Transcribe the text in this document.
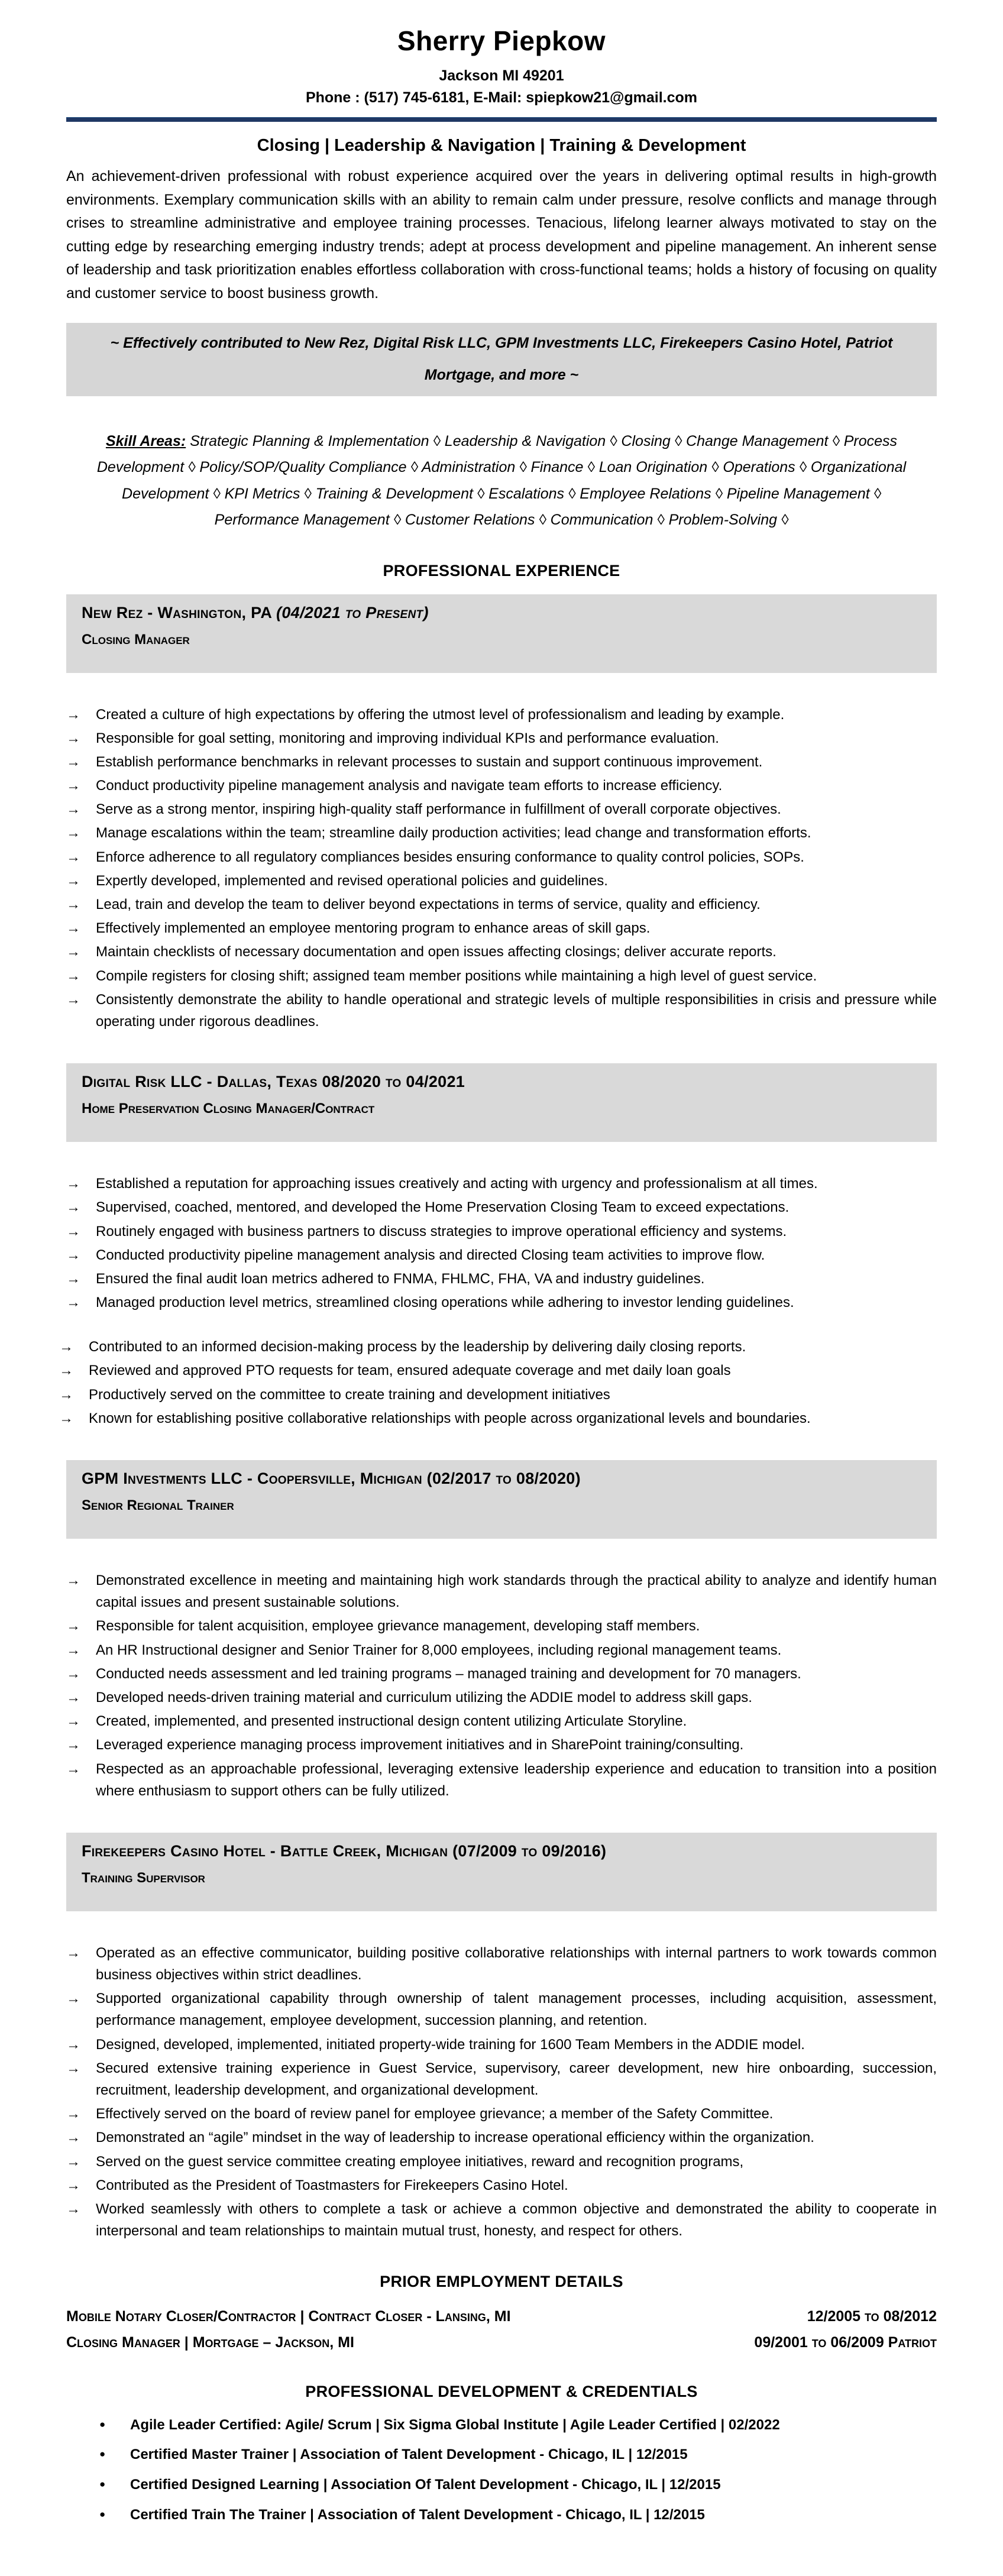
Sherry Piepkow
Jackson MI 49201
Phone : (517) 745-6181, E-Mail: spiepkow21@gmail.com
Closing | Leadership & Navigation | Training & Development

An achievement-driven professional with robust experience acquired over the years in delivering optimal results in high-growth environments. Exemplary communication skills with an ability to remain calm under pressure, resolve conflicts and manage through crises to streamline administrative and employee training processes. Tenacious, lifelong learner always motivated to stay on the cutting edge by researching emerging industry trends; adept at process development and pipeline management. An inherent sense of leadership and task prioritization enables effortless collaboration with cross-functional teams; holds a history of focusing on quality and customer service to boost business growth.

~ Effectively contributed to New Rez, Digital Risk LLC, GPM Investments LLC, Firekeepers Casino Hotel, Patriot Mortgage, and more ~

Skill Areas: Strategic Planning & Implementation ◊ Leadership & Navigation ◊ Closing ◊ Change Management ◊ Process Development ◊ Policy/SOP/Quality Compliance ◊ Administration ◊ Finance ◊ Loan Origination ◊ Operations ◊ Organizational Development ◊ KPI Metrics ◊ Training & Development ◊ Escalations ◊ Employee Relations ◊ Pipeline Management ◊ Performance Management ◊ Customer Relations ◊ Communication ◊ Problem-Solving ◊

PROFESSIONAL EXPERIENCE
New Rez - Washington, PA (04/2021 to Present)
Closing Manager
→	Created a culture of high expectations by offering the utmost level of professionalism and leading by example.
→	Responsible for goal setting, monitoring and improving individual KPIs and performance evaluation.
→	Establish performance benchmarks in relevant processes to sustain and support continuous improvement.
→	Conduct productivity pipeline management analysis and navigate team efforts to increase efficiency.
→	Serve as a strong mentor, inspiring high-quality staff performance in fulfillment of overall corporate objectives.
→	Manage escalations within the team; streamline daily production activities; lead change and transformation efforts.
→	Enforce adherence to all regulatory compliances besides ensuring conformance to quality control policies, SOPs.
→	Expertly developed, implemented and revised operational policies and guidelines.
→	Lead, train and develop the team to deliver beyond expectations in terms of service, quality and efficiency.
→	Effectively implemented an employee mentoring program to enhance areas of skill gaps.
→	Maintain checklists of necessary documentation and open issues affecting closings; deliver accurate reports.
→	Compile registers for closing shift; assigned team member positions while maintaining a high level of guest service.
→	Consistently demonstrate the ability to handle operational and strategic levels of multiple responsibilities in crisis and pressure while operating under rigorous deadlines.
Digital Risk LLC - Dallas, Texas 08/2020 to 04/2021
Home Preservation Closing Manager/Contract
→	Established a reputation for approaching issues creatively and acting with urgency and professionalism at all times.
→	Supervised, coached, mentored, and developed the Home Preservation Closing Team to exceed expectations.
→	Routinely engaged with business partners to discuss strategies to improve operational efficiency and systems.
→	Conducted productivity pipeline management analysis and directed Closing team activities to improve flow.
→	Ensured the final audit loan metrics adhered to FNMA, FHLMC, FHA, VA and industry guidelines.
→	Managed production level metrics, streamlined closing operations while adhering to investor lending guidelines.
→	Contributed to an informed decision-making process by the leadership by delivering daily closing reports.
→	Reviewed and approved PTO requests for team, ensured adequate coverage and met daily loan goals
→	Productively served on the committee to create training and development initiatives
→	Known for establishing positive collaborative relationships with people across organizational levels and boundaries.
GPM Investments LLC - Coopersville, Michigan (02/2017 to 08/2020)
Senior Regional Trainer
→	Demonstrated excellence in meeting and maintaining high work standards through the practical ability to analyze and identify human capital issues and present sustainable solutions.
→	Responsible for talent acquisition, employee grievance management, developing staff members.
→	An HR Instructional designer and Senior Trainer for 8,000 employees, including regional management teams.
→	Conducted needs assessment and led training programs – managed training and development for 70 managers.
→	Developed needs-driven training material and curriculum utilizing the ADDIE model to address skill gaps.
→	Created, implemented, and presented instructional design content utilizing Articulate Storyline.
→	Leveraged experience managing process improvement initiatives and in SharePoint training/consulting.
→	Respected as an approachable professional, leveraging extensive leadership experience and education to transition into a position where enthusiasm to support others can be fully utilized.
Firekeepers Casino Hotel - Battle Creek, Michigan (07/2009 to 09/2016)
Training Supervisor
→	Operated as an effective communicator, building positive collaborative relationships with internal partners to work towards common business objectives within strict deadlines.
→	Supported organizational capability through ownership of talent management processes, including acquisition, assessment, performance management, employee development, succession planning, and retention.
→	Designed, developed, implemented, initiated property-wide training for 1600 Team Members in the ADDIE model.
→	Secured extensive training experience in Guest Service, supervisory, career development, new hire onboarding, succession, recruitment, leadership development, and organizational development.
→	Effectively served on the board of review panel for employee grievance; a member of the Safety Committee.
→	Demonstrated an “agile” mindset in the way of leadership to increase operational efficiency within the organization.
→	Served on the guest service committee creating employee initiatives, reward and recognition programs,
→	Contributed as the President of Toastmasters for Firekeepers Casino Hotel.
→	Worked seamlessly with others to complete a task or achieve a common objective and demonstrated the ability to cooperate in interpersonal and team relationships to maintain mutual trust, honesty, and respect for others.
PRIOR EMPLOYMENT DETAILS
Mobile Notary Closer/Contractor | Contract Closer - Lansing, MI	12/2005 to 08/2012
Closing Manager | Mortgage – Jackson, MI	09/2001 to 06/2009 Patriot
PROFESSIONAL DEVELOPMENT & CREDENTIALS
●	Agile Leader Certified: Agile/ Scrum | Six Sigma Global Institute | Agile Leader Certified | 02/2022
●	Certified Master Trainer | Association of Talent Development - Chicago, IL | 12/2015
●	Certified Designed Learning | Association Of Talent Development - Chicago, IL | 12/2015
●	Certified Train The Trainer | Association of Talent Development - Chicago, IL | 12/2015
